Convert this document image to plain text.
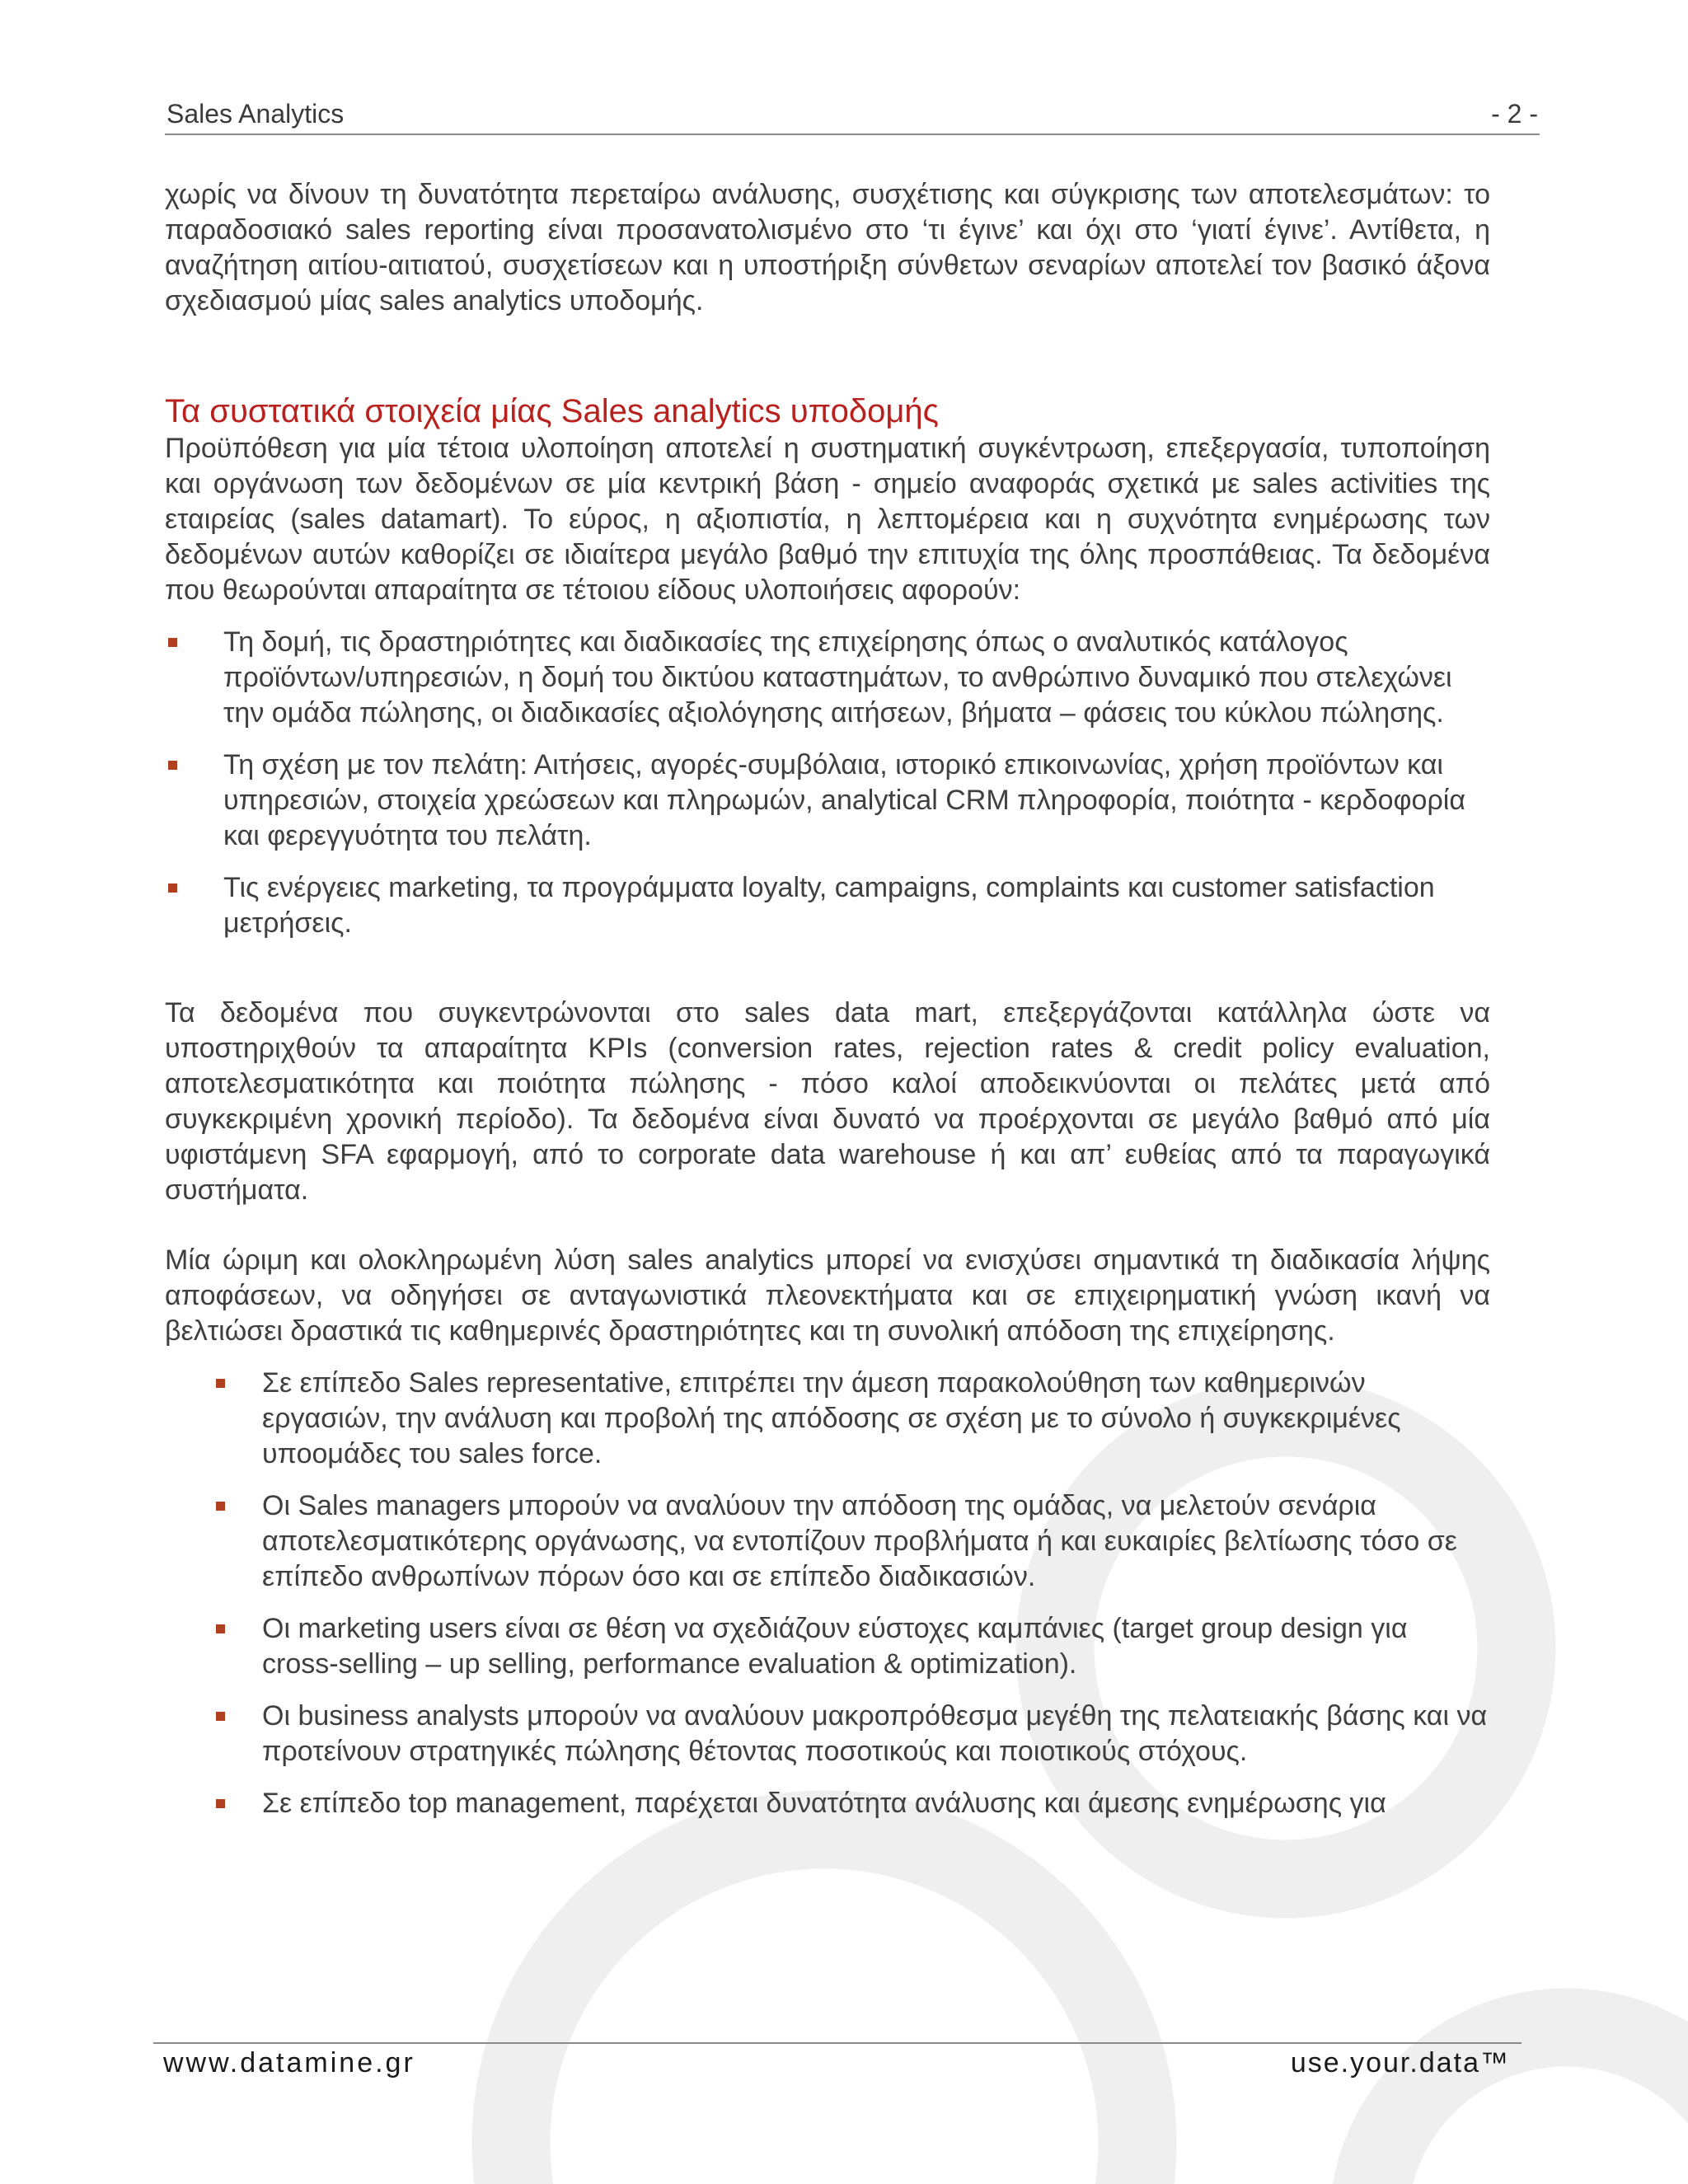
Sales Analytics	- 2 -

χωρίς να δίνουν τη δυνατότητα περεταίρω ανάλυσης, συσχέτισης και σύγκρισης των αποτελεσμάτων: το παραδοσιακό sales reporting είναι προσανατολισμένο στο ‘τι έγινε’ και όχι στο ‘γιατί έγινε’. Αντίθετα, η αναζήτηση αιτίου-αιτιατού, συσχετίσεων και η υποστήριξη σύνθετων σεναρίων αποτελεί τον βασικό άξονα σχεδιασμού μίας sales analytics υποδομής.

Τα συστατικά στοιχεία μίας Sales analytics υποδομής

Προϋπόθεση για μία τέτοια υλοποίηση αποτελεί η συστηματική συγκέντρωση, επεξεργασία, τυποποίηση και οργάνωση των δεδομένων σε μία κεντρική βάση - σημείο αναφοράς σχετικά με sales activities της εταιρείας (sales datamart). Το εύρος, η αξιοπιστία, η λεπτομέρεια και η συχνότητα ενημέρωσης των δεδομένων αυτών καθορίζει σε ιδιαίτερα μεγάλο βαθμό την επιτυχία της όλης προσπάθειας. Τα δεδομένα που θεωρούνται απαραίτητα σε τέτοιου είδους υλοποιήσεις αφορούν:

Τη δομή, τις δραστηριότητες και διαδικασίες της επιχείρησης όπως ο αναλυτικός κατάλογος προϊόντων/υπηρεσιών, η δομή του δικτύου καταστημάτων, το ανθρώπινο δυναμικό που στελεχώνει την ομάδα πώλησης, οι διαδικασίες αξιολόγησης αιτήσεων, βήματα – φάσεις του κύκλου πώλησης.
Τη σχέση με τον πελάτη: Αιτήσεις, αγορές-συμβόλαια, ιστορικό επικοινωνίας, χρήση προϊόντων και υπηρεσιών, στοιχεία χρεώσεων και πληρωμών, analytical CRM πληροφορία, ποιότητα - κερδοφορία και φερεγγυότητα του πελάτη.
Τις ενέργειες marketing, τα προγράμματα loyalty, campaigns, complaints και customer satisfaction μετρήσεις.

Τα δεδομένα που συγκεντρώνονται στο sales data mart, επεξεργάζονται κατάλληλα ώστε να υποστηριχθούν τα απαραίτητα KPIs (conversion rates, rejection rates & credit policy evaluation, αποτελεσματικότητα και ποιότητα πώλησης - πόσο καλοί αποδεικνύονται οι πελάτες μετά από συγκεκριμένη χρονική περίοδο). Τα δεδομένα είναι δυνατό να προέρχονται σε μεγάλο βαθμό από μία υφιστάμενη SFA εφαρμογή, από το corporate data warehouse ή και απ’ ευθείας από τα παραγωγικά συστήματα.

Μία ώριμη και ολοκληρωμένη λύση sales analytics μπορεί να ενισχύσει σημαντικά τη διαδικασία λήψης αποφάσεων, να οδηγήσει σε ανταγωνιστικά πλεονεκτήματα και σε επιχειρηματική γνώση ικανή να βελτιώσει δραστικά τις καθημερινές δραστηριότητες και τη συνολική απόδοση της επιχείρησης.

Σε επίπεδο Sales representative, επιτρέπει την άμεση παρακολούθηση των καθημερινών εργασιών, την ανάλυση και προβολή της απόδοσης σε σχέση με το σύνολο ή συγκεκριμένες υποομάδες του sales force.
Οι Sales managers μπορούν να αναλύουν την απόδοση της ομάδας, να μελετούν σενάρια αποτελεσματικότερης οργάνωσης, να εντοπίζουν προβλήματα ή και ευκαιρίες βελτίωσης τόσο σε επίπεδο ανθρωπίνων πόρων όσο και σε επίπεδο διαδικασιών.
Οι marketing users είναι σε θέση να σχεδιάζουν εύστοχες καμπάνιες (target group design για cross-selling – up selling, performance evaluation & optimization).
Οι business analysts μπορούν να αναλύουν μακροπρόθεσμα μεγέθη της πελατειακής βάσης και να προτείνουν στρατηγικές πώλησης θέτοντας ποσοτικούς και ποιοτικούς στόχους.
Σε επίπεδο top management, παρέχεται δυνατότητα ανάλυσης και άμεσης ενημέρωσης για
www.datamine.gr	use.your.data™
